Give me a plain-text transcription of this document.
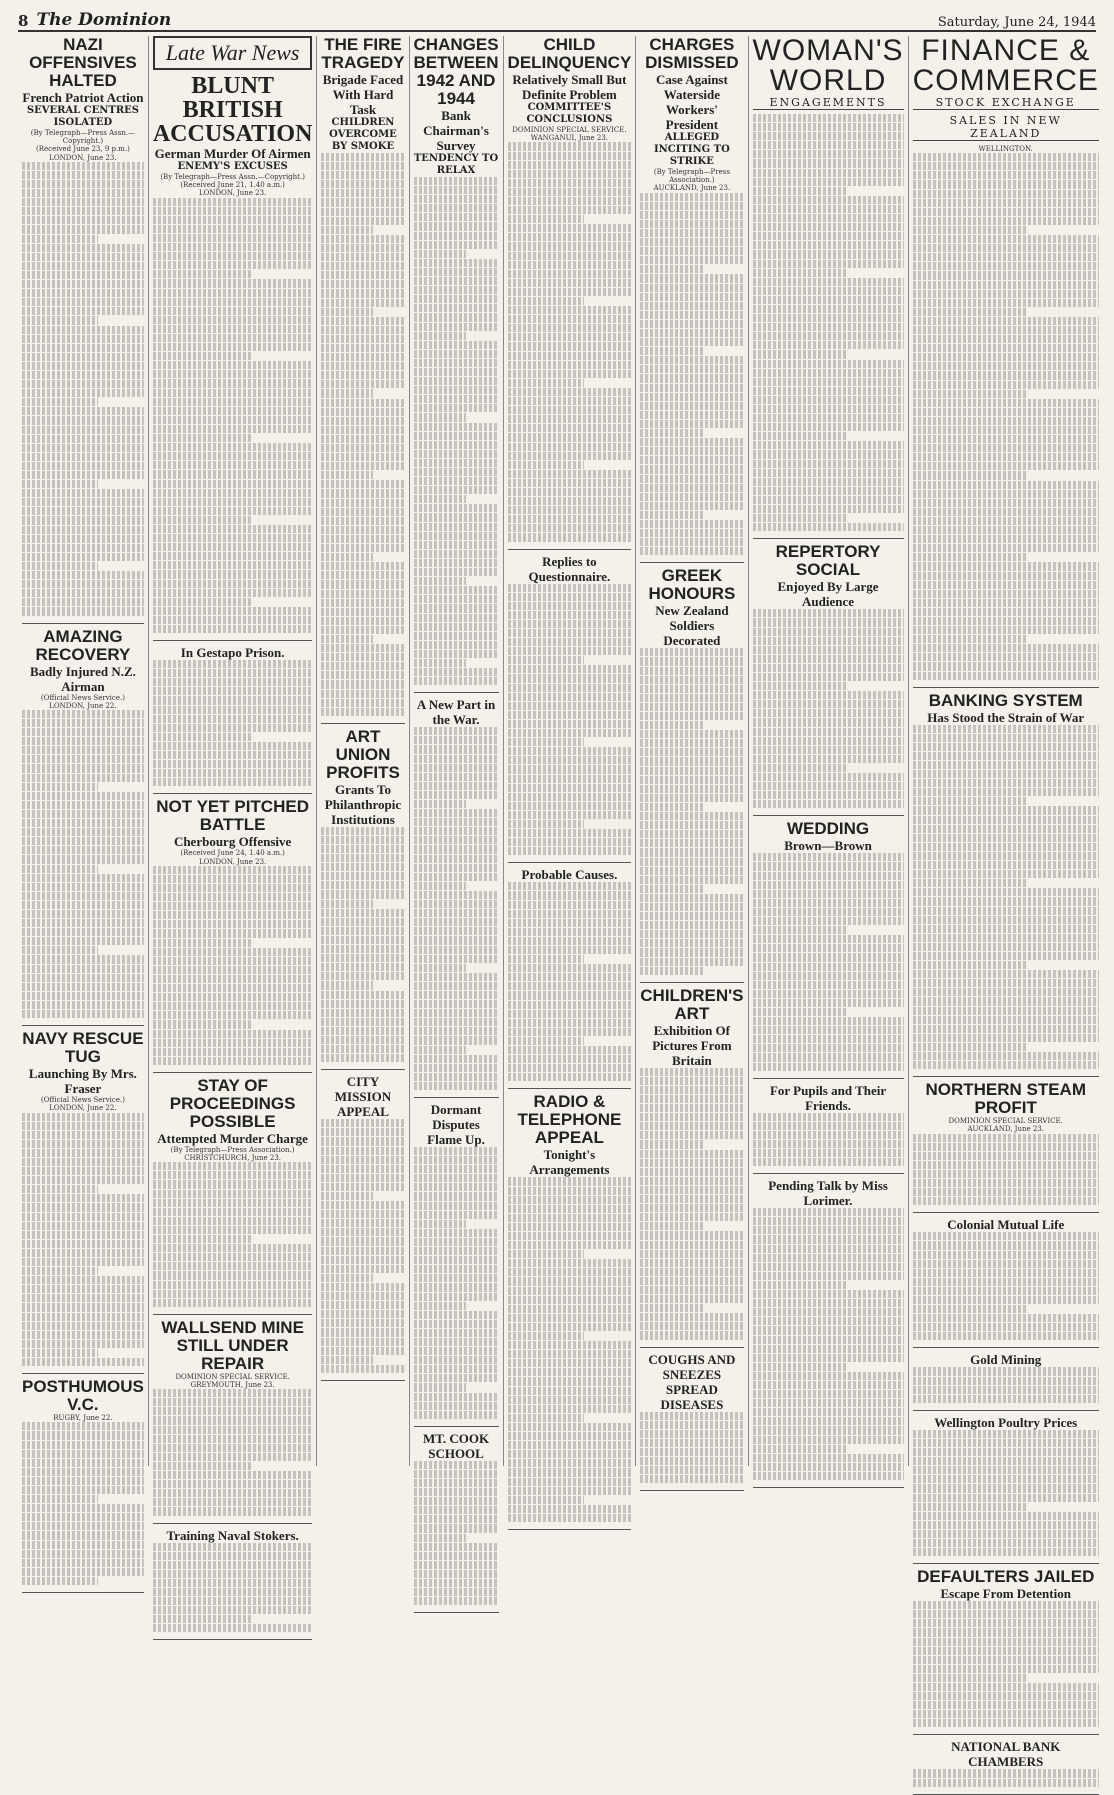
8 The Dominion	Saturday, June 24, 1944
NAZI OFFENSIVES HALTED
French Patriot Action
SEVERAL CENTRES ISOLATED
(By Telegraph—Press Assn.—Copyright.)
(Received June 23, 9 p.m.)
LONDON, June 23.
AMAZING RECOVERY
Badly Injured N.Z. Airman
(Official News Service.)
LONDON, June 22.
NAVY RESCUE TUG
Launching By Mrs. Fraser
(Official News Service.)
LONDON, June 22.
POSTHUMOUS V.C.
RUGBY, June 22.
Late War News
BLUNT BRITISH ACCUSATION
German Murder Of Airmen
ENEMY'S EXCUSES
(By Telegraph—Press Assn.—Copyright.)
(Received June 21, 1.40 a.m.)
LONDON, June 23.
In Gestapo Prison.
NOT YET PITCHED BATTLE
Cherbourg Offensive
(Received June 24, 1.40 a.m.)
LONDON, June 23.
STAY OF PROCEEDINGS POSSIBLE
Attempted Murder Charge
(By Telegraph—Press Association.)
CHRISTCHURCH, June 23.
WALLSEND MINE STILL UNDER REPAIR
DOMINION SPECIAL SERVICE.
GREYMOUTH, June 23.
Training Naval Stokers.
THE FIRE TRAGEDY
Brigade Faced With Hard Task
CHILDREN OVERCOME BY SMOKE
ART UNION PROFITS
Grants To Philanthropic Institutions
CITY MISSION APPEAL
CHANGES BETWEEN 1942 AND 1944
Bank Chairman's Survey
TENDENCY TO RELAX
A New Part in the War.
Dormant Disputes Flame Up.
MT. COOK SCHOOL
CHILD DELINQUENCY
Relatively Small But Definite Problem
COMMITTEE'S CONCLUSIONS
DOMINION SPECIAL SERVICE.
WANGANUI, June 23.
Replies to Questionnaire.
Probable Causes.
RADIO & TELEPHONE APPEAL
Tonight's Arrangements
CHARGES DISMISSED
Case Against Waterside Workers' President
ALLEGED INCITING TO STRIKE
(By Telegraph—Press Association.)
AUCKLAND, June 23.
GREEK HONOURS
New Zealand Soldiers Decorated
CHILDREN'S ART
Exhibition Of Pictures From Britain
COUGHS AND SNEEZES SPREAD DISEASES
WOMAN'S WORLD
ENGAGEMENTS
REPERTORY SOCIAL
Enjoyed By Large Audience
WEDDING
Brown—Brown
For Pupils and Their Friends.
Pending Talk by Miss Lorimer.
FINANCE & COMMERCE
STOCK EXCHANGE
SALES IN NEW ZEALAND
WELLINGTON.
BANKING SYSTEM
Has Stood the Strain of War
NORTHERN STEAM PROFIT
DOMINION SPECIAL SERVICE.
AUCKLAND, June 23.
Colonial Mutual Life
Gold Mining
Wellington Poultry Prices
DEFAULTERS JAILED
Escape From Detention
NATIONAL BANK CHAMBERS
